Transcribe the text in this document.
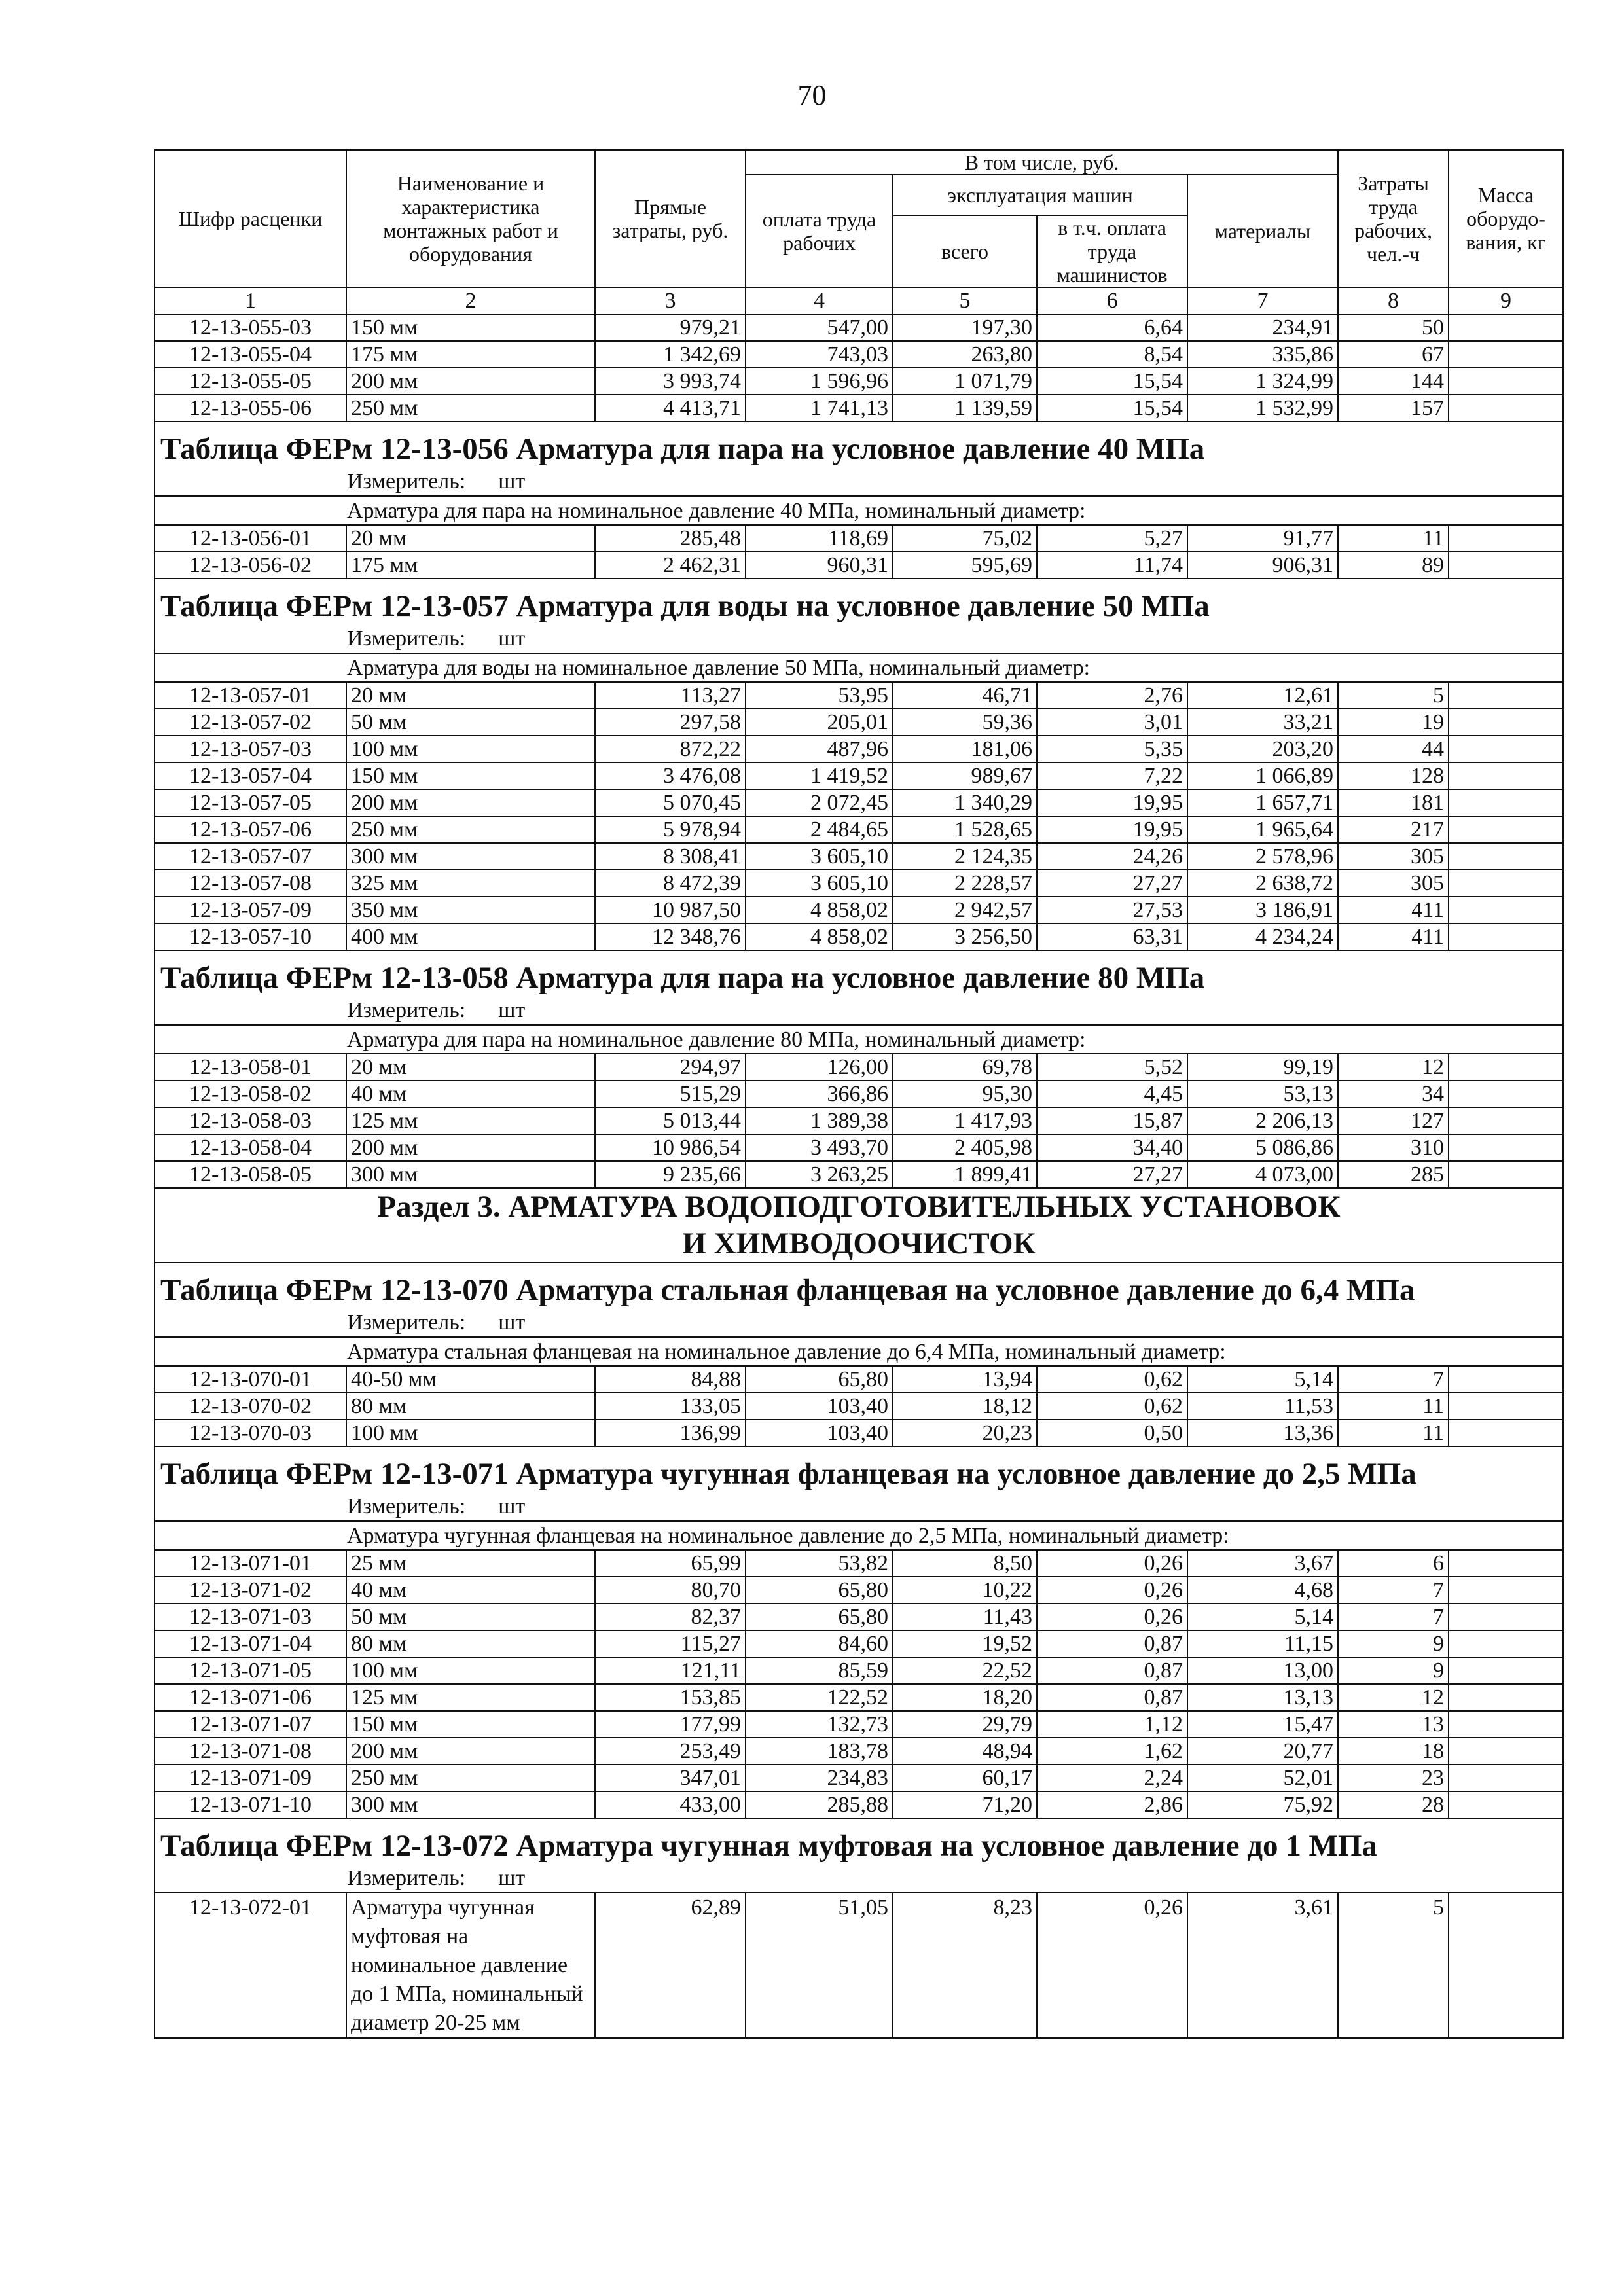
70
Шифр расценки	Наименование и характеристика монтажных работ и оборудования	Прямые затраты, руб.	В том числе, руб.				Затраты труда рабочих, чел.-ч	Масса оборудо-вания, кг
			оплата труда рабочих	эксплуатация машин		материалы		
				всего	в т.ч. оплата труда машинистов			
1	2	3	4	5	6	7	8	9
12-13-055-03	150 мм	979,21	547,00	197,30	6,64	234,91	50	
12-13-055-04	175 мм	1 342,69	743,03	263,80	8,54	335,86	67	
12-13-055-05	200 мм	3 993,74	1 596,96	1 071,79	15,54	1 324,99	144	
12-13-055-06	250 мм	4 413,71	1 741,13	1 139,59	15,54	1 532,99	157	
Таблица ФЕРм 12-13-056 Арматура для пара на условное давление 40 МПа								
Измеритель: шт								
Арматура для пара на номинальное давление 40 МПа, номинальный диаметр:								
12-13-056-01	20 мм	285,48	118,69	75,02	5,27	91,77	11	
12-13-056-02	175 мм	2 462,31	960,31	595,69	11,74	906,31	89	
Таблица ФЕРм 12-13-057 Арматура для воды на условное давление 50 МПа								
Измеритель: шт								
Арматура для воды на номинальное давление 50 МПа, номинальный диаметр:								
12-13-057-01	20 мм	113,27	53,95	46,71	2,76	12,61	5	
12-13-057-02	50 мм	297,58	205,01	59,36	3,01	33,21	19	
12-13-057-03	100 мм	872,22	487,96	181,06	5,35	203,20	44	
12-13-057-04	150 мм	3 476,08	1 419,52	989,67	7,22	1 066,89	128	
12-13-057-05	200 мм	5 070,45	2 072,45	1 340,29	19,95	1 657,71	181	
12-13-057-06	250 мм	5 978,94	2 484,65	1 528,65	19,95	1 965,64	217	
12-13-057-07	300 мм	8 308,41	3 605,10	2 124,35	24,26	2 578,96	305	
12-13-057-08	325 мм	8 472,39	3 605,10	2 228,57	27,27	2 638,72	305	
12-13-057-09	350 мм	10 987,50	4 858,02	2 942,57	27,53	3 186,91	411	
12-13-057-10	400 мм	12 348,76	4 858,02	3 256,50	63,31	4 234,24	411	
Таблица ФЕРм 12-13-058 Арматура для пара на условное давление 80 МПа								
Измеритель: шт								
Арматура для пара на номинальное давление 80 МПа, номинальный диаметр:								
12-13-058-01	20 мм	294,97	126,00	69,78	5,52	99,19	12	
12-13-058-02	40 мм	515,29	366,86	95,30	4,45	53,13	34	
12-13-058-03	125 мм	5 013,44	1 389,38	1 417,93	15,87	2 206,13	127	
12-13-058-04	200 мм	10 986,54	3 493,70	2 405,98	34,40	5 086,86	310	
12-13-058-05	300 мм	9 235,66	3 263,25	1 899,41	27,27	4 073,00	285	
Раздел 3. АРМАТУРА ВОДОПОДГОТОВИТЕЛЬНЫХ УСТАНОВОК И ХИМВОДООЧИСТОК								
Таблица ФЕРм 12-13-070 Арматура стальная фланцевая на условное давление до 6,4 МПа								
Измеритель: шт								
Арматура стальная фланцевая на номинальное давление до 6,4 МПа, номинальный диаметр:								
12-13-070-01	40-50 мм	84,88	65,80	13,94	0,62	5,14	7	
12-13-070-02	80 мм	133,05	103,40	18,12	0,62	11,53	11	
12-13-070-03	100 мм	136,99	103,40	20,23	0,50	13,36	11	
Таблица ФЕРм 12-13-071 Арматура чугунная фланцевая на условное давление до 2,5 МПа								
Измеритель: шт								
Арматура чугунная фланцевая на номинальное давление до 2,5 МПа, номинальный диаметр:								
12-13-071-01	25 мм	65,99	53,82	8,50	0,26	3,67	6	
12-13-071-02	40 мм	80,70	65,80	10,22	0,26	4,68	7	
12-13-071-03	50 мм	82,37	65,80	11,43	0,26	5,14	7	
12-13-071-04	80 мм	115,27	84,60	19,52	0,87	11,15	9	
12-13-071-05	100 мм	121,11	85,59	22,52	0,87	13,00	9	
12-13-071-06	125 мм	153,85	122,52	18,20	0,87	13,13	12	
12-13-071-07	150 мм	177,99	132,73	29,79	1,12	15,47	13	
12-13-071-08	200 мм	253,49	183,78	48,94	1,62	20,77	18	
12-13-071-09	250 мм	347,01	234,83	60,17	2,24	52,01	23	
12-13-071-10	300 мм	433,00	285,88	71,20	2,86	75,92	28	
Таблица ФЕРм 12-13-072 Арматура чугунная муфтовая на условное давление до 1 МПа								
Измеритель: шт								
12-13-072-01	Арматура чугунная муфтовая на номинальное давление до 1 МПа, номинальный диаметр 20-25 мм	62,89	51,05	8,23	0,26	3,61	5	
